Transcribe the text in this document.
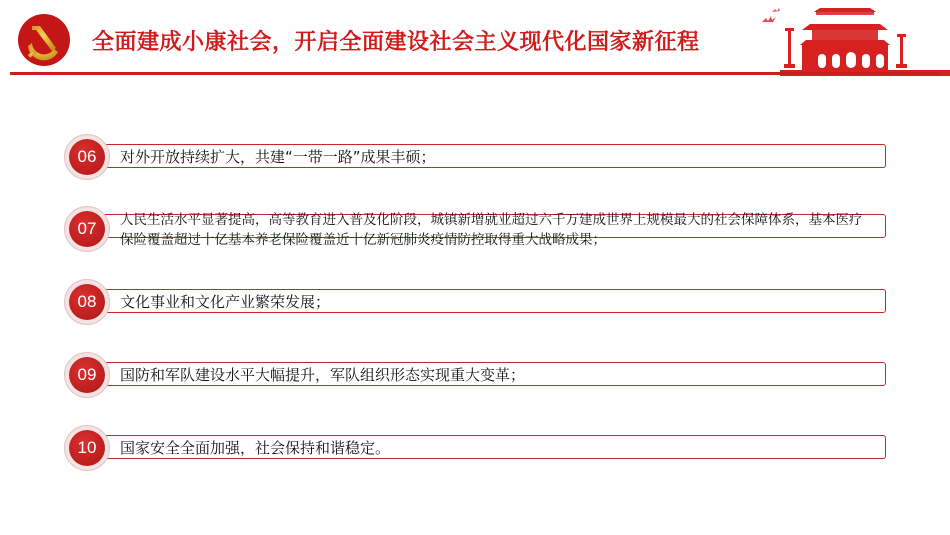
全面建成小康社会，开启全面建设社会主义现代化国家新征程
06	对外开放持续扩大，共建“一带一路”成果丰硕；
07	人民生活水平显著提高，高等教育进入普及化阶段，城镇新增就业超过六千万建成世界上规模最大的社会保障体系，基本医疗保险覆盖超过十亿基本养老保险覆盖近十亿新冠肺炎疫情防控取得重大战略成果；
08	文化事业和文化产业繁荣发展；
09	国防和军队建设水平大幅提升，军队组织形态实现重大变革；
10	国家安全全面加强，社会保持和谐稳定。
